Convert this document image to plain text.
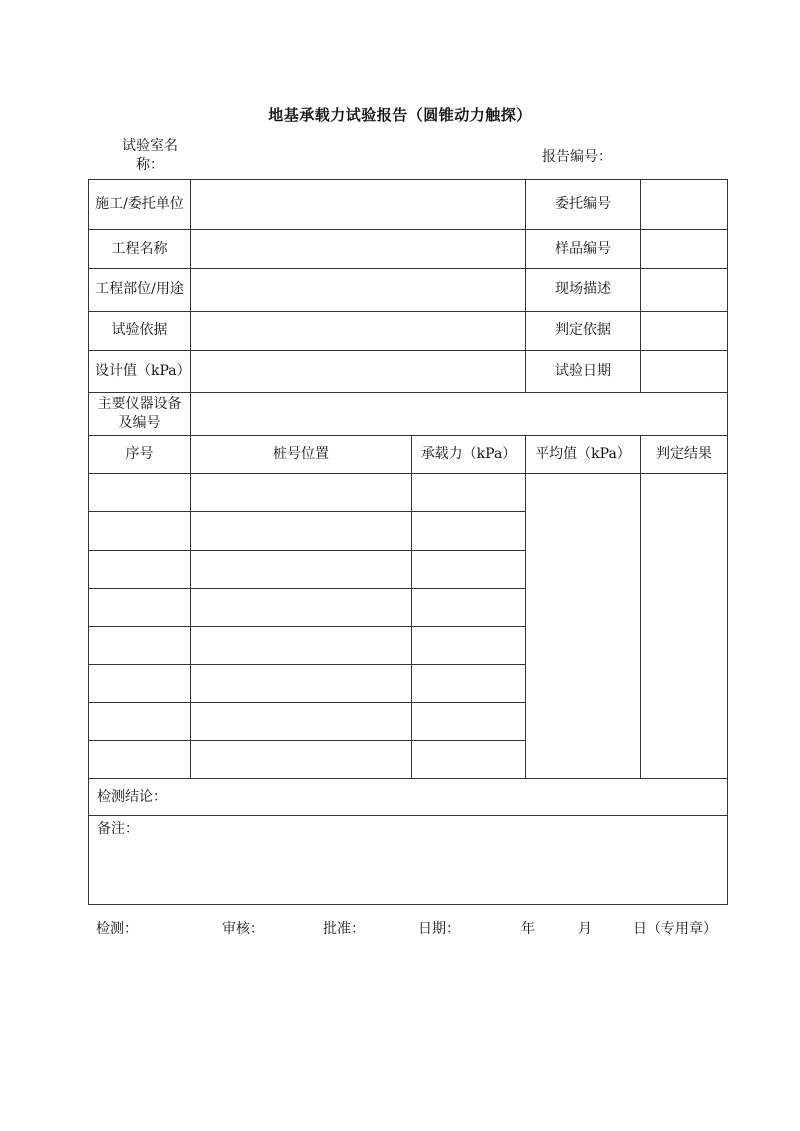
地基承载力试验报告（圆锥动力触探）
试验室名称：	报告编号：
施工/委托单位			委托编号	
工程名称			样品编号	
工程部位/用途			现场描述	
试验依据			判定依据	
设计值（kPa）			试验日期	
主要仪器设备及编号				
序号	桩号位置	承载力（kPa）	平均值（kPa）	判定结果

检测结论：				
备注：				
检测：	审核：	批准：	日期：	年	月	日（专用章）
